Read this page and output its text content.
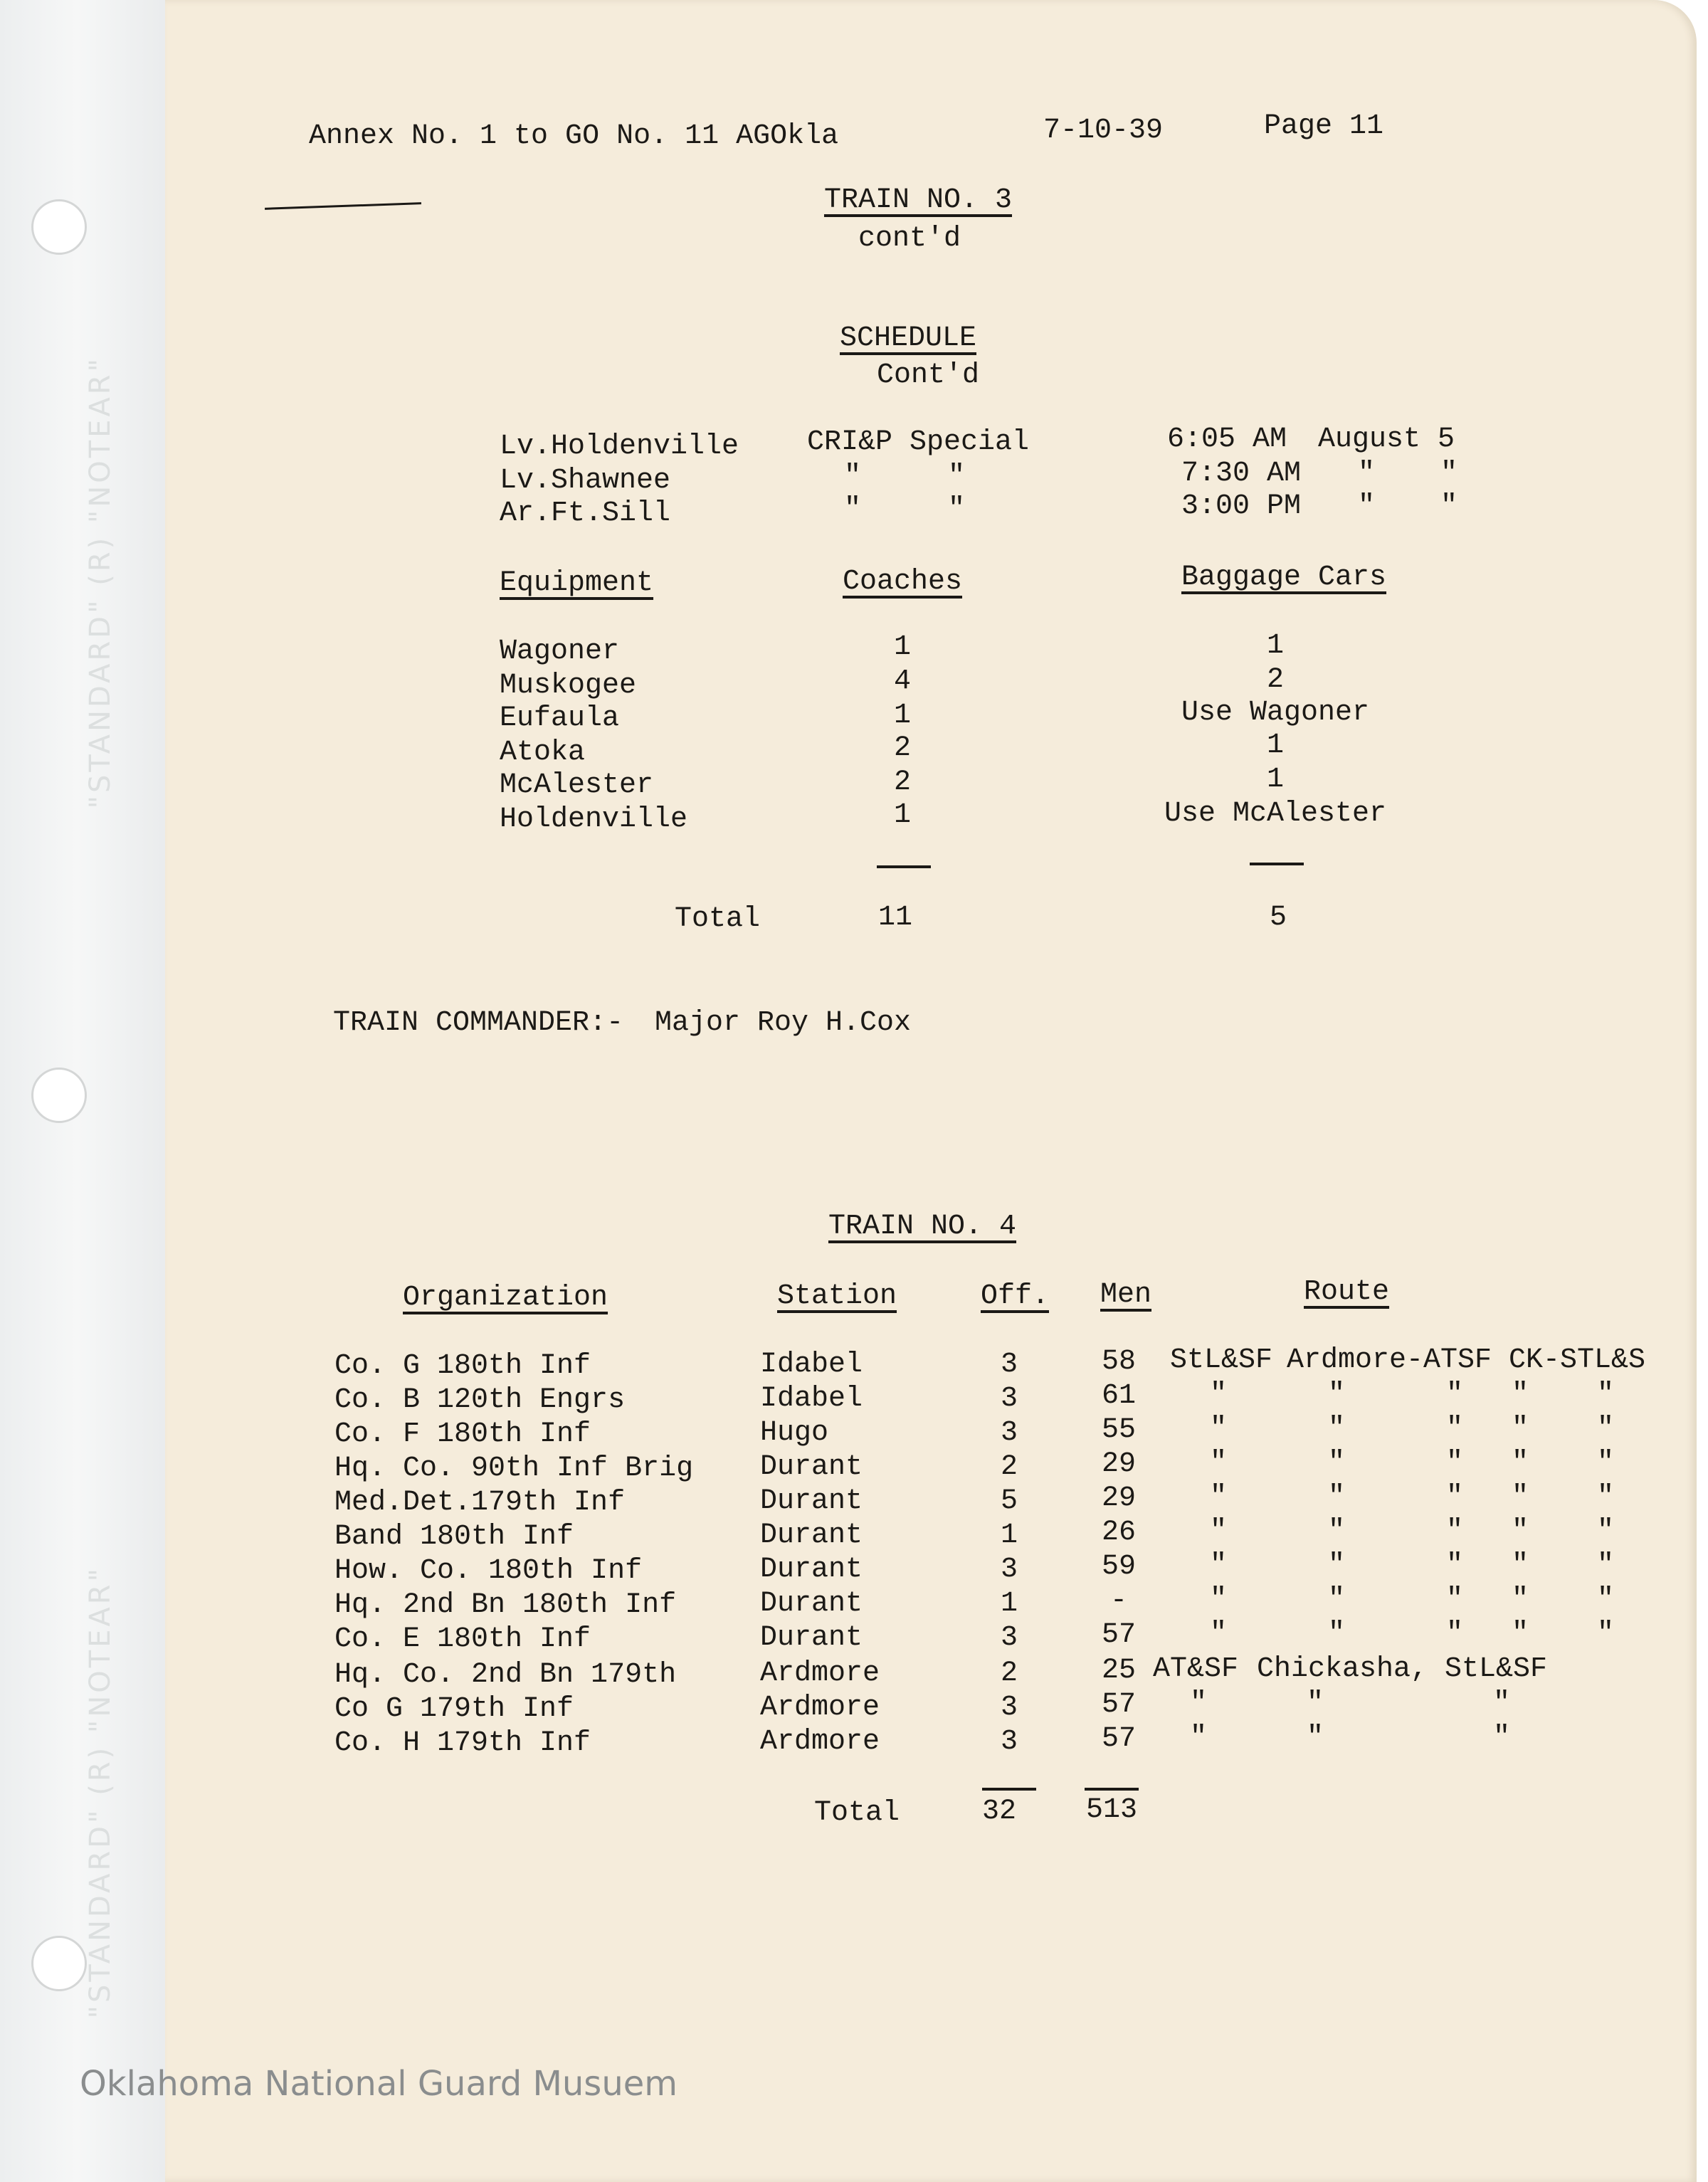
"STANDARD" (R) "NOTEAR"
"STANDARD" (R) "NOTEAR"
Annex No. 1 to GO No. 11 AGOkla	7-10-39	Page 11
TRAIN NO. 3
cont'd
SCHEDULE
Cont'd
Lv.Holdenville CRI&P Special	6:05 AM August 5
Lv.Shawnee	"	"	7:30 AM " "
Ar.Ft.Sill	"	"	3:00 PM " "
Equipment	Coaches	Baggage Cars
Wagoner	1	1
Muskogee	4	2
Eufaula	1	Use Wagoner
Atoka	2	1
McAlester	2	1
Holdenville	1	Use McAlester
Total	11	5
TRAIN COMMANDER:- Major Roy H.Cox
TRAIN NO. 4
Organization	Station	Off. Men	Route
Co. G 180th Inf	Idabel	3	58 StL&SF Ardmore-ATSF CK-STL&S
Co. B 120th Engrs	Idabel	3	61	"	"	" " "
Co. F 180th Inf	Hugo	3	55	"	"	" " "
Hq. Co. 90th Inf Brig Durant	2	29	"	"	" " "
Med.Det.179th Inf	Durant	5	29	"	"	" " "
Band 180th Inf	Durant	1	26	"	"	" " "
How. Co. 180th Inf	Durant	3	59	"	"	" " "
Hq. 2nd Bn 180th Inf	Durant	1	-	"	"	" " "
Co. E 180th Inf	Durant	3	57	"	"	" " "
Hq. Co. 2nd Bn 179th	Ardmore	2	25 AT&SF Chickasha, StL&SF
Co G 179th Inf	Ardmore	3	57 "	"	"
Co. H 179th Inf	Ardmore	3	57 "	"	"
Total	32 513
Oklahoma National Guard Musuem
